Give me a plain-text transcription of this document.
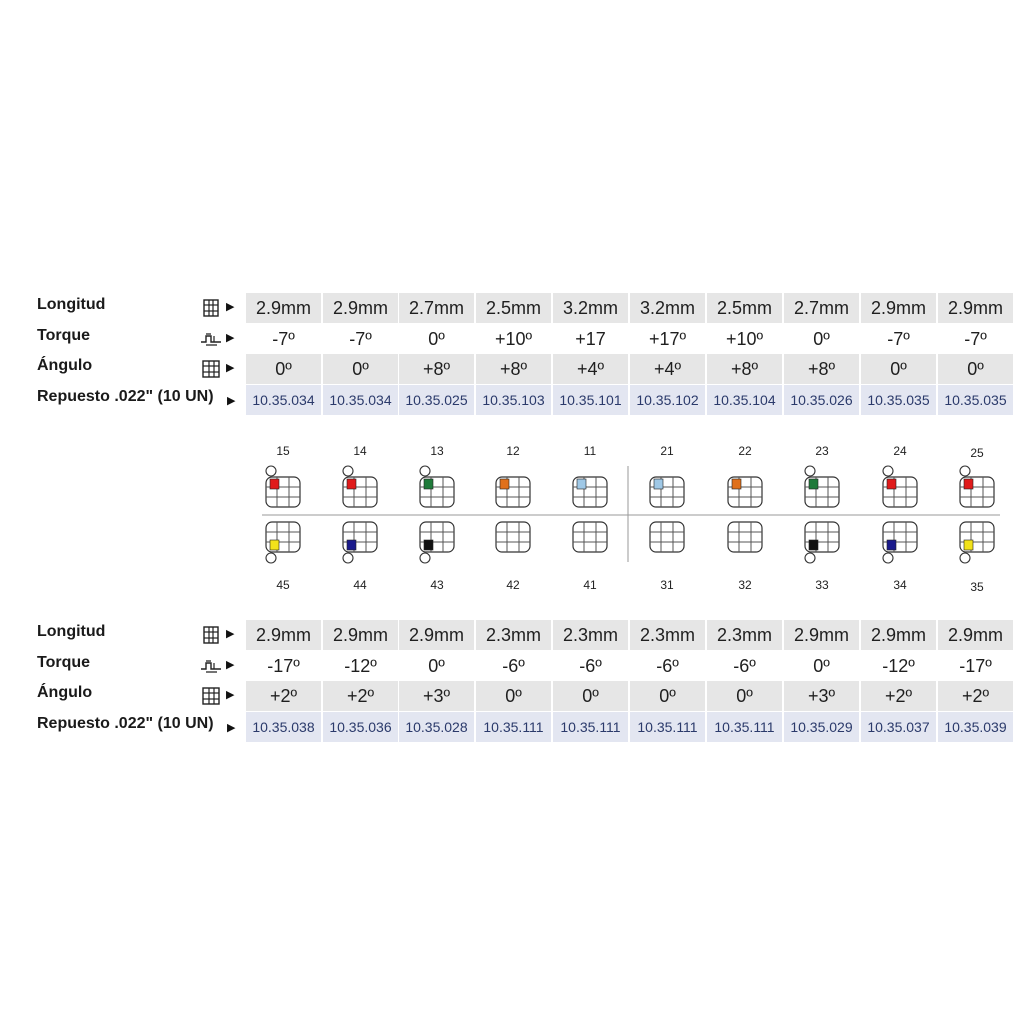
Longitud	▶	2.9mm	2.9mm	2.7mm	2.5mm	3.2mm	3.2mm	2.5mm	2.7mm	2.9mm	2.9mm
Torque	▶	-7º	-7º	0º	+10º	+17	+17º	+10º	0º	-7º	-7º
Ángulo	▶	0º	0º	+8º	+8º	+4º	+4º	+8º	+8º	0º	0º
Repuesto .022" (10 UN) ▶	10.35.034	10.35.034 10.35.025	10.35.103	10.35.101	10.35.102	10.35.104	10.35.026	10.35.035	10.35.035
Longitud	▶	2.9mm	2.9mm	2.9mm	2.3mm	2.3mm	2.3mm	2.3mm	2.9mm	2.9mm	2.9mm
Torque	▶	-17º	-12º	0º	-6º	-6º	-6º	-6º	0º	-12º	-17º
Ángulo	▶	+2º	+2º	+3º	0º	0º	0º	0º	+3º	+2º	+2º
Repuesto .022" (10 UN) ▶	10.35.038	10.35.036 10.35.028	10.35.111	10.35.111	10.35.111	10.35.111	10.35.029	10.35.037	10.35.039
15	14	13	12	11	21	22	23	24	25
45	44	43	42	41	31	32	33	34	35
